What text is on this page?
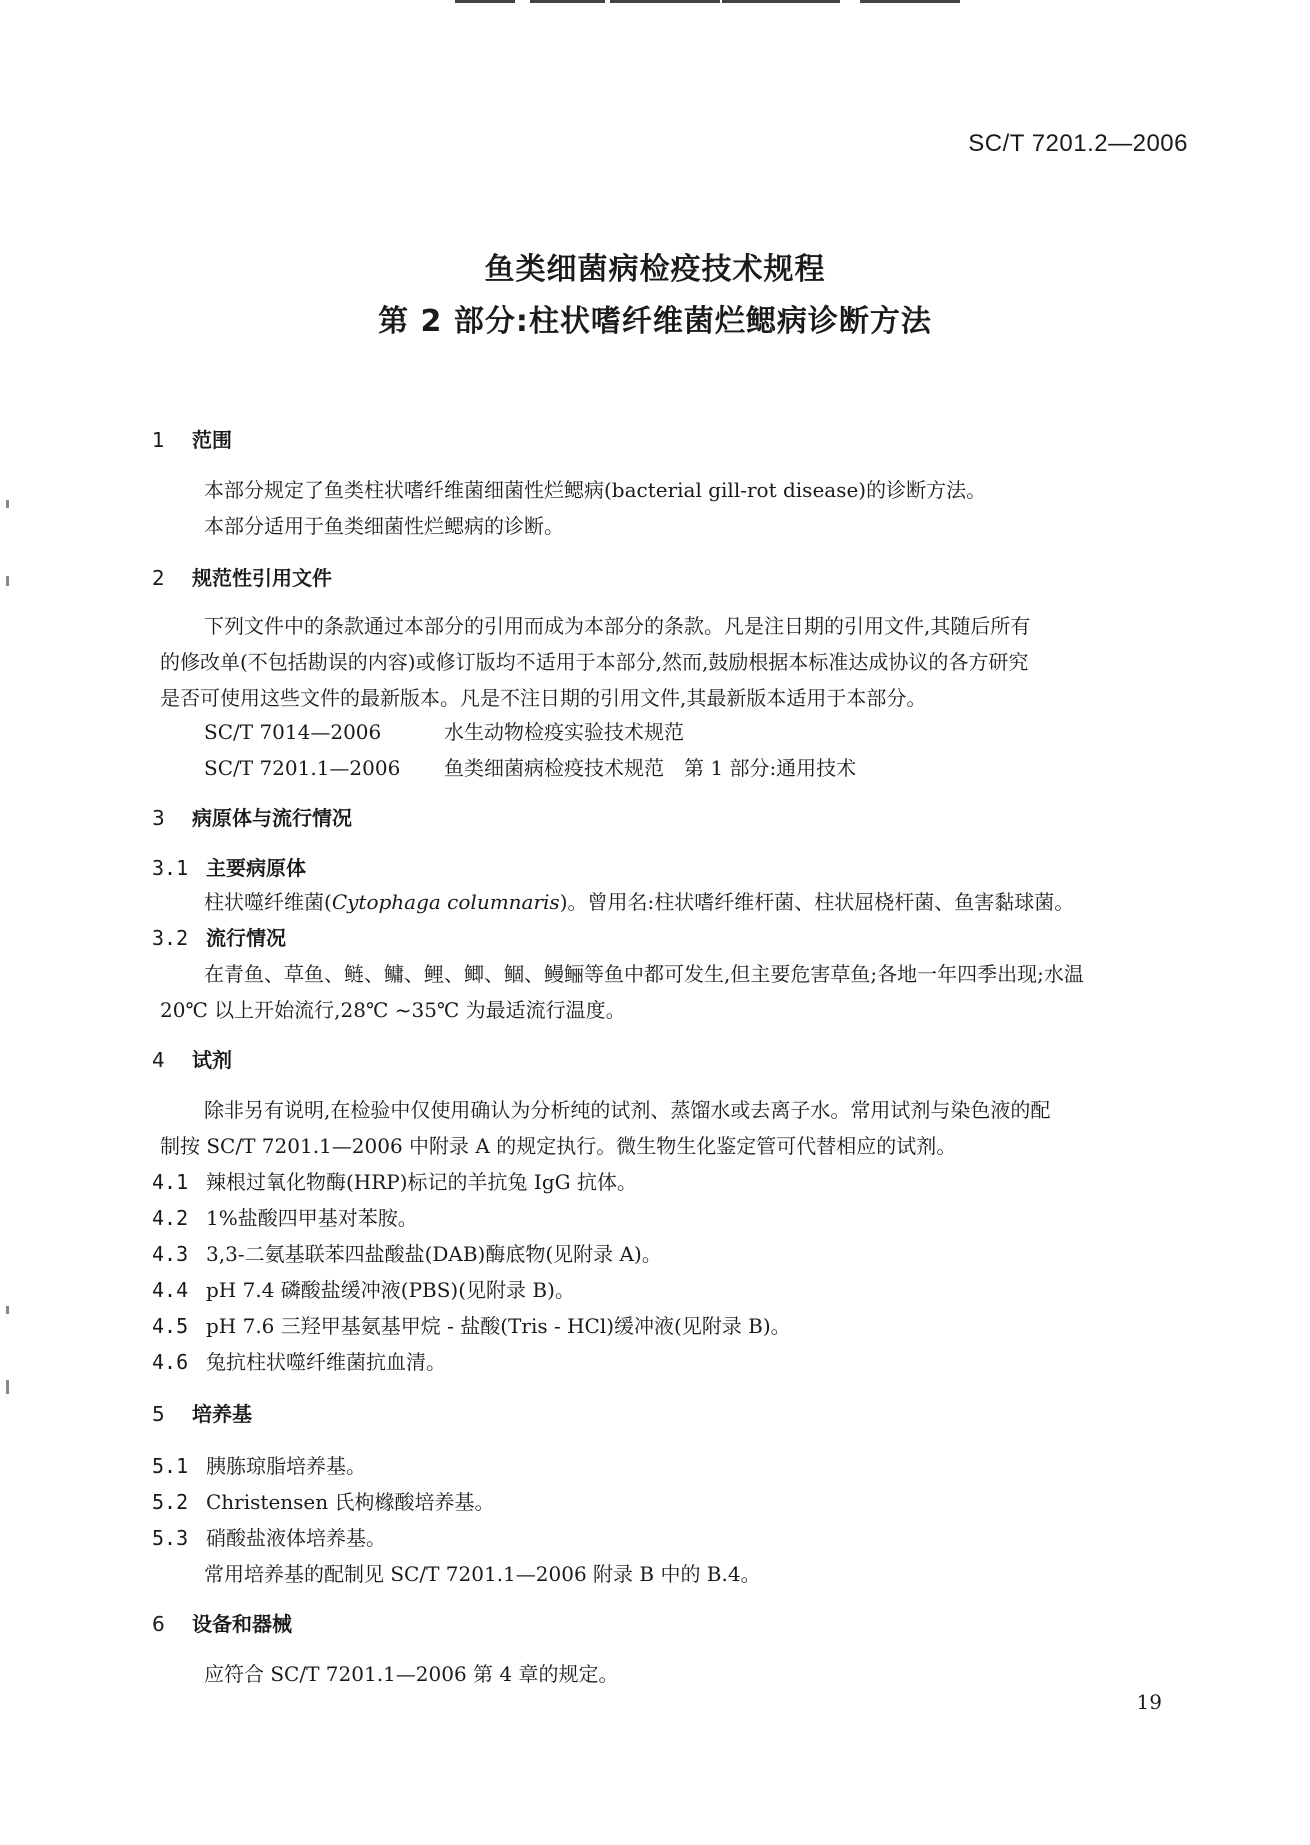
SC/T 7201.2—2006
鱼类细菌病检疫技术规程
第 2 部分:柱状嗜纤维菌烂鳃病诊断方法
1 范围
本部分规定了鱼类柱状嗜纤维菌细菌性烂鳃病(bacterial gill-rot disease)的诊断方法。
本部分适用于鱼类细菌性烂鳃病的诊断。
2 规范性引用文件
下列文件中的条款通过本部分的引用而成为本部分的条款。凡是注日期的引用文件,其随后所有
的修改单(不包括勘误的内容)或修订版均不适用于本部分,然而,鼓励根据本标准达成协议的各方研究
是否可使用这些文件的最新版本。凡是不注日期的引用文件,其最新版本适用于本部分。
SC/T 7014—2006	水生动物检疫实验技术规范
SC/T 7201.1—2006 鱼类细菌病检疫技术规范　第 1 部分:通用技术
3 病原体与流行情况
3.1 主要病原体
柱状噬纤维菌(Cytophaga columnaris)。曾用名:柱状嗜纤维杆菌、柱状屈桡杆菌、鱼害黏球菌。
3.2 流行情况
在青鱼、草鱼、鲢、鳙、鲤、鲫、鲴、鳗鲡等鱼中都可发生,但主要危害草鱼;各地一年四季出现;水温
20℃ 以上开始流行,28℃ ~35℃ 为最适流行温度。
4 试剂
除非另有说明,在检验中仅使用确认为分析纯的试剂、蒸馏水或去离子水。常用试剂与染色液的配
制按 SC/T 7201.1—2006 中附录 A 的规定执行。微生物生化鉴定管可代替相应的试剂。
4.1 辣根过氧化物酶(HRP)标记的羊抗兔 IgG 抗体。
4.2 1%盐酸四甲基对苯胺。
4.3 3,3-二氨基联苯四盐酸盐(DAB)酶底物(见附录 A)。
4.4 pH 7.4 磷酸盐缓冲液(PBS)(见附录 B)。
4.5 pH 7.6 三羟甲基氨基甲烷 - 盐酸(Tris - HCl)缓冲液(见附录 B)。
4.6 兔抗柱状噬纤维菌抗血清。
5 培养基
5.1 胰胨琼脂培养基。
5.2 Christensen 氏枸橼酸培养基。
5.3 硝酸盐液体培养基。
常用培养基的配制见 SC/T 7201.1—2006 附录 B 中的 B.4。
6 设备和器械
应符合 SC/T 7201.1—2006 第 4 章的规定。
19
